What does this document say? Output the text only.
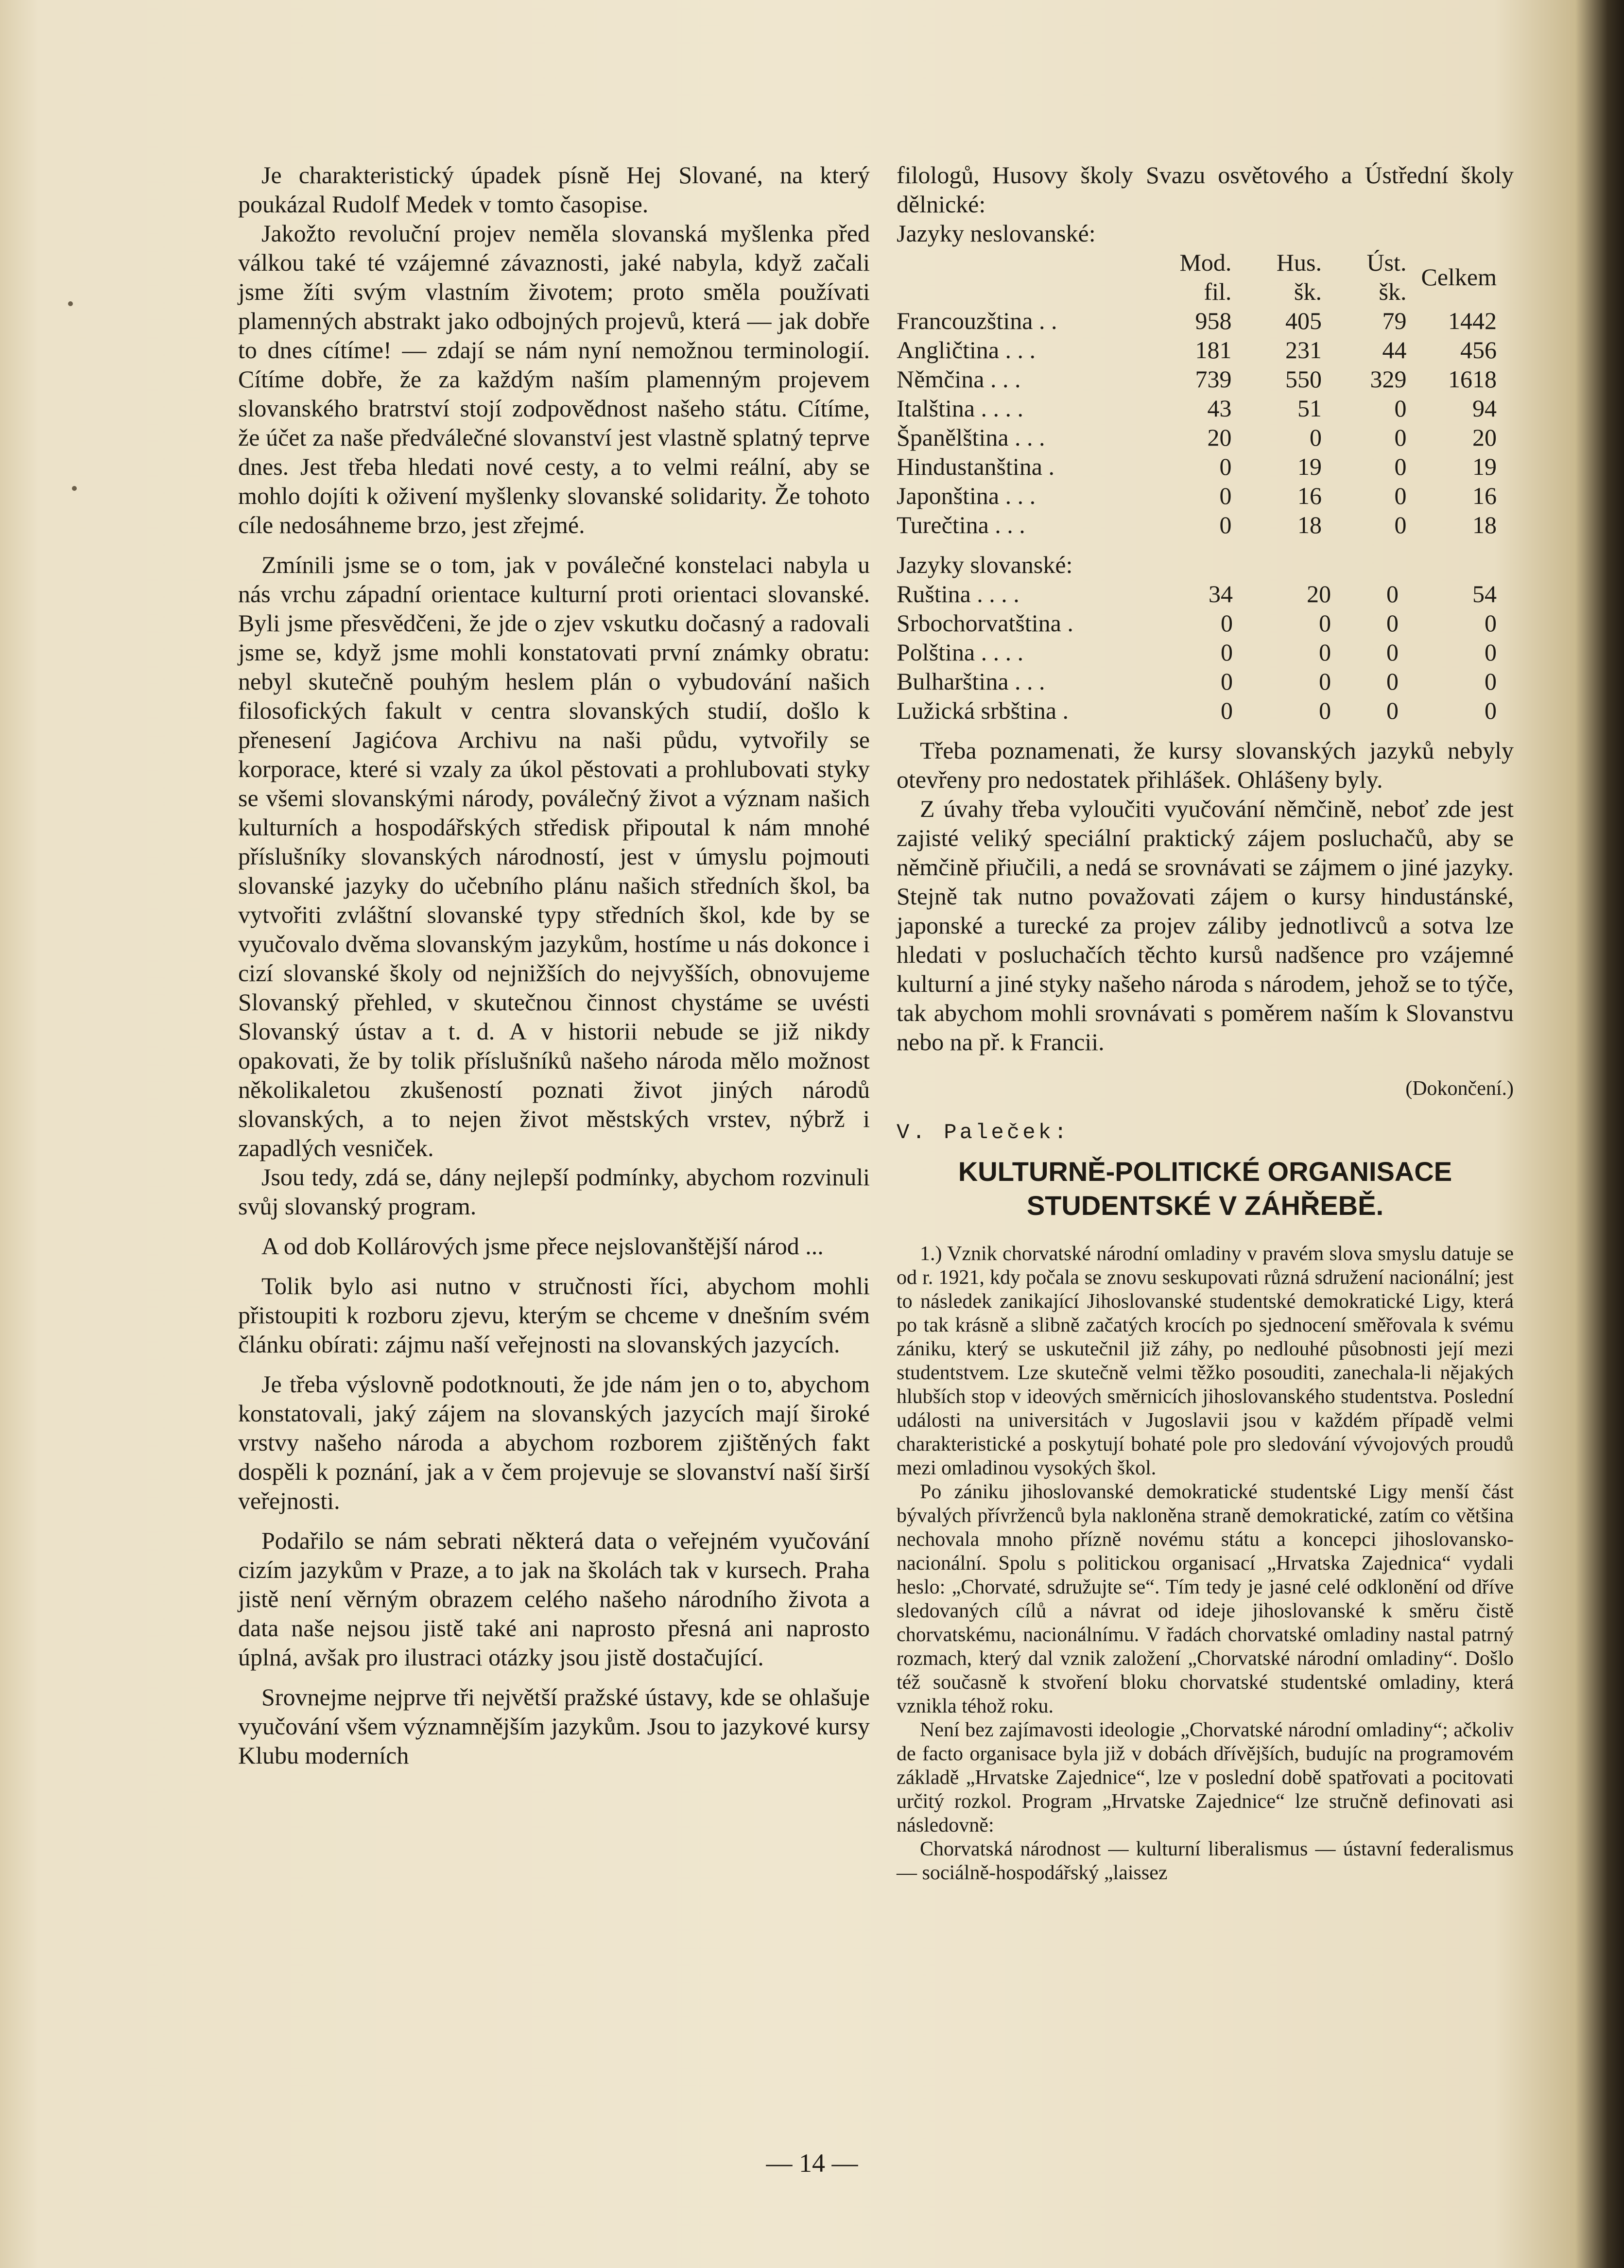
Je charakteristický úpadek písně Hej Slované, na který poukázal Rudolf Medek v tomto časopise.

Jakožto revoluční projev neměla slovanská myšlenka před válkou také té vzájemné závaznosti, jaké nabyla, když začali jsme žíti svým vlastním životem; proto směla používati plamenných abstrakt jako odbojných projevů, která — jak dobře to dnes cítíme! — zdají se nám nyní nemožnou terminologií. Cítíme dobře, že za každým naším plamenným projevem slovanského bratrství stojí zodpovědnost našeho státu. Cítíme, že účet za naše předválečné slovanství jest vlastně splatný teprve dnes. Jest třeba hledati nové cesty, a to velmi reální, aby se mohlo dojíti k oživení myšlenky slovanské solidarity. Že tohoto cíle nedosáhneme brzo, jest zřejmé.

Zmínili jsme se o tom, jak v poválečné konstelaci nabyla u nás vrchu západní orientace kulturní proti orientaci slovanské. Byli jsme přesvědčeni, že jde o zjev vskutku dočasný a radovali jsme se, když jsme mohli konstatovati první známky obratu: nebyl skutečně pouhým heslem plán o vybudování našich filosofických fakult v centra slovanských studií, došlo k přenesení Jagićova Archivu na naši půdu, vytvořily se korporace, které si vzaly za úkol pěstovati a prohlubovati styky se všemi slovanskými národy, poválečný život a význam našich kulturních a hospodářských středisk připoutal k nám mnohé příslušníky slovanských národností, jest v úmyslu pojmouti slovanské jazyky do učebního plánu našich středních škol, ba vytvořiti zvláštní slovanské typy středních škol, kde by se vyučovalo dvěma slovanským jazykům, hostíme u nás dokonce i cizí slovanské školy od nejnižších do nejvyšších, obnovujeme Slovanský přehled, v skutečnou činnost chystáme se uvésti Slovanský ústav a t. d. A v historii nebude se již nikdy opakovati, že by tolik příslušníků našeho národa mělo možnost několikaletou zkušeností poznati život jiných národů slovanských, a to nejen život městských vrstev, nýbrž i zapadlých vesniček.

Jsou tedy, zdá se, dány nejlepší podmínky, abychom rozvinuli svůj slovanský program.

A od dob Kollárových jsme přece nejslovanštější národ ...

Tolik bylo asi nutno v stručnosti říci, abychom mohli přistoupiti k rozboru zjevu, kterým se chceme v dnešním svém článku obírati: zájmu naší veřejnosti na slovanských jazycích.

Je třeba výslovně podotknouti, že jde nám jen o to, abychom konstatovali, jaký zájem na slovanských jazycích mají široké vrstvy našeho národa a abychom rozborem zjištěných fakt dospěli k poznání, jak a v čem projevuje se slovanství naší širší veřejnosti.

Podařilo se nám sebrati některá data o veřejném vyučování cizím jazykům v Praze, a to jak na školách tak v kursech. Praha jistě není věrným obrazem celého našeho národního života a data naše nejsou jistě také ani naprosto přesná ani naprosto úplná, avšak pro ilustraci otázky jsou jistě dostačující.

Srovnejme nejprve tři největší pražské ústavy, kde se ohlašuje vyučování všem významnějším jazykům. Jsou to jazykové kursy Klubu moderních

filologů, Husovy školy Svazu osvětového a Ústřední školy dělnické:

Jazyky neslovanské:

	Mod. fil.	Hus. šk.	Úst. šk.	Celkem
Francouzština . .	958	405	79	1442
Angličtina . . .	181	231	44	456
Němčina . . .	739	550	329	1618
Italština . . . .	43	51	0	94
Španělština . . .	20	0	0	20
Hindustanština .	0	19	0	19
Japonština . . .	0	16	0	16
Turečtina . . .	0	18	0	18

Jazyky slovanské:

Ruština . . . .	34	20	0	54
Srbochorvatština .	0	0	0	0
Polština . . . .	0	0	0	0
Bulharština . . .	0	0	0	0
Lužická srbština .	0	0	0	0

Třeba poznamenati, že kursy slovanských jazyků nebyly otevřeny pro nedostatek přihlášek. Ohlášeny byly.

Z úvahy třeba vyloučiti vyučování němčině, neboť zde jest zajisté veliký speciální praktický zájem posluchačů, aby se němčině přiučili, a nedá se srovnávati se zájmem o jiné jazyky. Stejně tak nutno považovati zájem o kursy hindustánské, japonské a turecké za projev záliby jednotlivců a sotva lze hledati v posluchačích těchto kursů nadšence pro vzájemné kulturní a jiné styky našeho národa s národem, jehož se to týče, tak abychom mohli srovnávati s poměrem naším k Slovanstvu nebo na př. k Francii.

(Dokončení.)

V. Paleček:

KULTURNĚ-POLITICKÉ ORGANISACE STUDENTSKÉ V ZÁHŘEBĚ.

1.) Vznik chorvatské národní omladiny v pravém slova smyslu datuje se od r. 1921, kdy počala se znovu seskupovati různá sdružení nacionální; jest to následek zanikající Jihoslovanské studentské demokratické Ligy, která po tak krásně a slibně začatých krocích po sjednocení směřovala k svému zániku, který se uskutečnil již záhy, po nedlouhé působnosti její mezi studentstvem. Lze skutečně velmi těžko posouditi, zanechala-li nějakých hlubších stop v ideových směrnicích jihoslovanského studentstva. Poslední události na universitách v Jugoslavii jsou v každém případě velmi charakteristické a poskytují bohaté pole pro sledování vývojových proudů mezi omladinou vysokých škol.

Po zániku jihoslovanské demokratické studentské Ligy menší část bývalých přívrženců byla nakloněna straně demokratické, zatím co většina nechovala mnoho přízně novému státu a koncepci jihoslovansko-nacionální. Spolu s politickou organisací „Hrvatska Zajednica“ vydali heslo: „Chorvaté, sdružujte se“. Tím tedy je jasné celé odklonění od dříve sledovaných cílů a návrat od ideje jihoslovanské k směru čistě chorvatskému, nacionálnímu. V řadách chorvatské omladiny nastal patrný rozmach, který dal vznik založení „Chorvatské národní omladiny“. Došlo též současně k stvoření bloku chorvatské studentské omladiny, která vznikla téhož roku.

Není bez zajímavosti ideologie „Chorvatské národní omladiny“; ačkoliv de facto organisace byla již v dobách dřívějších, budujíc na programovém základě „Hrvatske Zajednice“, lze v poslední době spatřovati a pocitovati určitý rozkol. Program „Hrvatske Zajednice“ lze stručně definovati asi následovně:

Chorvatská národnost — kulturní liberalismus — ústavní federalismus — sociálně-hospodářský „laissez

— 14 —
